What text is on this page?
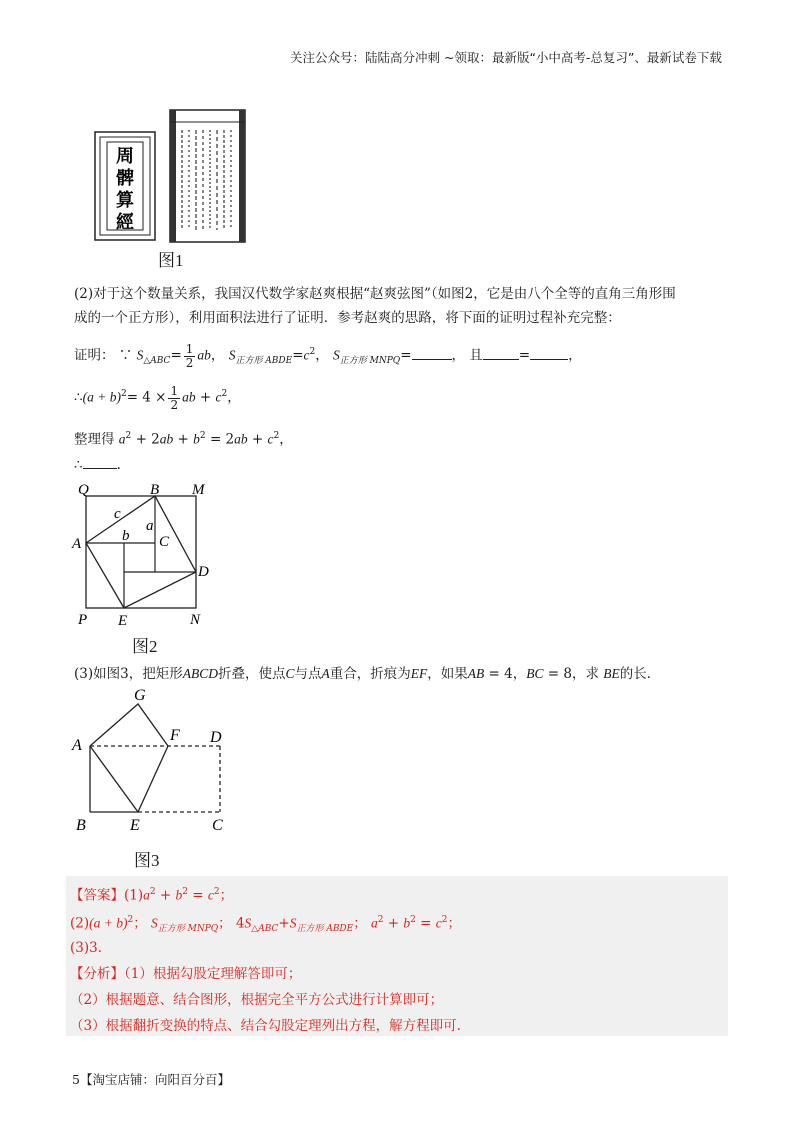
关注公众号：陆陆高分冲刺 ~领取：最新版“小中高考-总复习”、最新试卷下载
周
髀
算
經
图1
(2)对于这个数量关系，我国汉代数学家赵爽根据“赵爽弦图”（如图2，它是由八个全等的直角三角形围
成的一个正方形），利用面积法进行了证明．参考赵爽的思路，将下面的证明过程补充完整：
证明： ∵ $S_{\triangle ABC}= \frac{1}{2}$ ab， $S_{正方形 ABDE}=c^2$， $S_{正方形 MNPQ}=$	， 且	=	，
∴(a + $b)^2= 4 \times \frac{1}{2}$ ab + $c^2$，
整理得 $a^2 + 2ab + b^2 = 2ab + c^2$，
∴	.
Q	B M
A	C
D
P E	N
a
b
c
图2
(3)如图3，把矩形ABCD折叠，使点C与点A重合，折痕为EF，如果AB = 4，BC = 8，求 BE的长．
G
A
F D
B	E	C
图3
【答案】$(1)a^2 + b^2 = c^2$；
$(2)(a + b)^2$； $S_{正方形 MNPQ}$； $4S_{\triangle ABC}+S_{正方形 ABDE}$； $a^2 + b^2 = c^2$；
(3)3.
【分析】（1）根据勾股定理解答即可；
（2）根据题意、结合图形，根据完全平方公式进行计算即可；
（3）根据翻折变换的特点、结合勾股定理列出方程，解方程即可.
5【淘宝店铺：向阳百分百】
